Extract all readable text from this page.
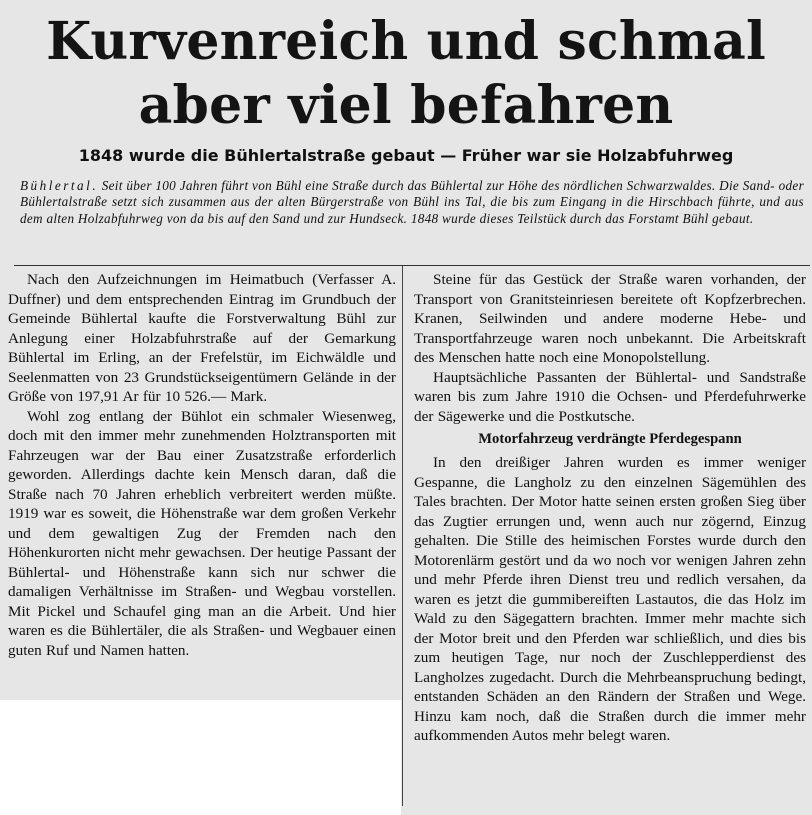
Kurvenreich und schmal
aber viel befahren
1848 wurde die Bühlertalstraße gebaut — Früher war sie Holzabfuhrweg

Bühlertal. Seit über 100 Jahren führt von Bühl eine Straße durch das Bühlertal zur Höhe des nördlichen Schwarzwaldes. Die Sand- oder Bühlertalstraße setzt sich zusammen aus der alten Bürgerstraße von Bühl ins Tal, die bis zum Eingang in die Hirschbach führte, und aus dem alten Holzabfuhrweg von da bis auf den Sand und zur Hundseck. 1848 wurde dieses Teilstück durch das Forstamt Bühl gebaut.

Nach den Aufzeichnungen im Heimatbuch (Verfasser A. Duffner) und dem entsprechenden Eintrag im Grundbuch der Gemeinde Bühlertal kaufte die Forstverwaltung Bühl zur Anlegung einer Holzabfuhrstraße auf der Gemarkung Bühlertal im Erling, an der Frefelstür, im Eichwäldle und Seelenmatten von 23 Grundstückseigentümern Gelände in der Größe von 197,91 Ar für 10 526.— Mark.

Wohl zog entlang der Bühlot ein schmaler Wiesenweg, doch mit den immer mehr zunehmenden Holztransporten mit Fahrzeugen war der Bau einer Zusatzstraße erforderlich geworden. Allerdings dachte kein Mensch daran, daß die Straße nach 70 Jahren erheblich verbreitert werden müßte. 1919 war es soweit, die Höhenstraße war dem großen Verkehr und dem gewaltigen Zug der Fremden nach den Höhenkurorten nicht mehr gewachsen. Der heutige Passant der Bühlertal- und Höhenstraße kann sich nur schwer die damaligen Verhältnisse im Straßen- und Wegbau vorstellen. Mit Pickel und Schaufel ging man an die Arbeit. Und hier waren es die Bühlertäler, die als Straßen- und Wegbauer einen guten Ruf und Namen hatten.

Steine für das Gestück der Straße waren vorhanden, der Transport von Granitsteinriesen bereitete oft Kopfzerbrechen. Kranen, Seilwinden und andere moderne Hebe- und Transportfahrzeuge waren noch unbekannt. Die Arbeitskraft des Menschen hatte noch eine Monopolstellung.

Hauptsächliche Passanten der Bühlertal- und Sandstraße waren bis zum Jahre 1910 die Ochsen- und Pferdefuhrwerke der Sägewerke und die Postkutsche.

Motorfahrzeug verdrängte Pferdegespann

In den dreißiger Jahren wurden es immer weniger Gespanne, die Langholz zu den einzelnen Sägemühlen des Tales brachten. Der Motor hatte seinen ersten großen Sieg über das Zugtier errungen und, wenn auch nur zögernd, Einzug gehalten. Die Stille des heimischen Forstes wurde durch den Motorenlärm gestört und da wo noch vor wenigen Jahren zehn und mehr Pferde ihren Dienst treu und redlich versahen, da waren es jetzt die gummibereiften Lastautos, die das Holz im Wald zu den Sägegattern brachten. Immer mehr machte sich der Motor breit und den Pferden war schließlich, und dies bis zum heutigen Tage, nur noch der Zuschlepperdienst des Langholzes zugedacht. Durch die Mehrbeanspruchung bedingt, entstanden Schäden an den Rändern der Straßen und Wege. Hinzu kam noch, daß die Straßen durch die immer mehr aufkommenden Autos mehr belegt waren.
